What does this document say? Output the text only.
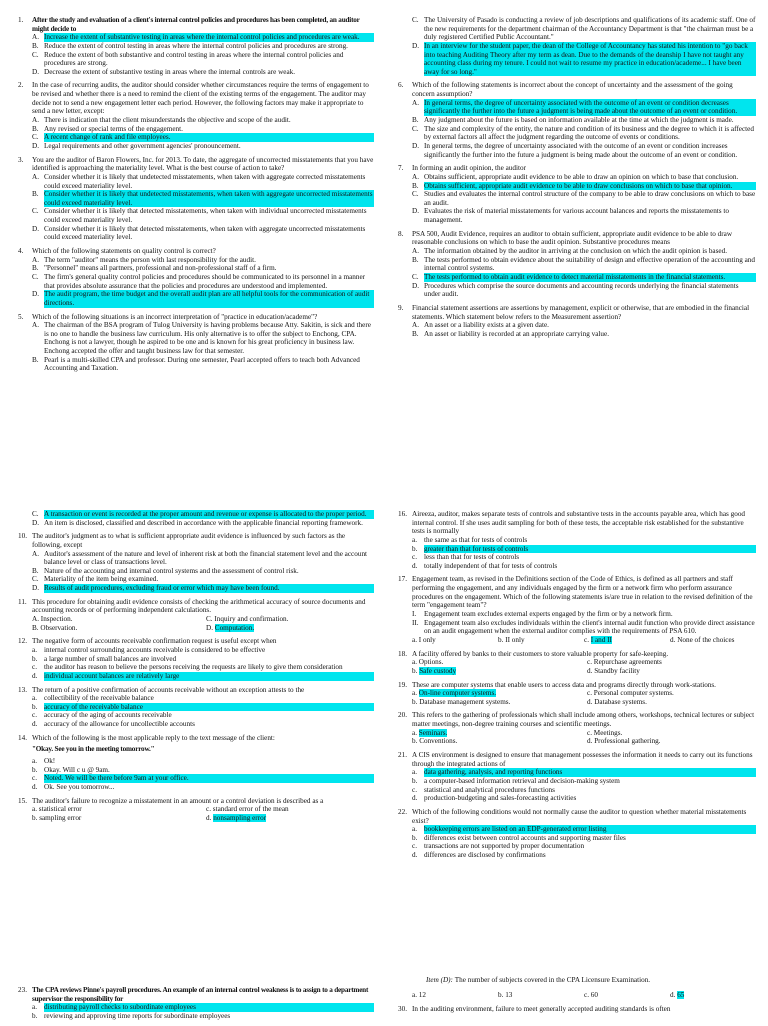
1.	After the study and evaluation of a client's internal control policies and procedures has been completed, an auditor might decide to
A. Increase the extent of substantive testing in areas where the internal control policies and procedures are weak.
B. Reduce the extent of control testing in areas where the internal control policies and procedures are strong.
C. Reduce the extent of both substantive and control testing in areas where the internal control policies and procedures are strong.
D. Decrease the extent of substantive testing in areas where the internal controls are weak.
2.	In the case of recurring audits, the auditor should consider whether circumstances require the terms of engagement to be revised and whether there is a need to remind the client of the existing terms of the engagement. The auditor may decide not to send a new engagement letter each period. However, the following factors may make it appropriate to send a new letter, except:
A. There is indication that the client misunderstands the objective and scope of the audit.
B. Any revised or special terms of the engagement.
C. A recent change of rank and file employees.
D. Legal requirements and other government agencies' pronouncement.
3.	You are the auditor of Baron Flowers, Inc. for 2013. To date, the aggregate of uncorrected misstatements that you have identified is approaching the materiality level. What is the best course of action to take?
A. Consider whether it is likely that undetected misstatements, when taken with aggregate corrected misstatements could exceed materiality level.
B. Consider whether it is likely that undetected misstatements, when taken with aggregate uncorrected misstatements could exceed materiality level.
C. Consider whether it is likely that detected misstatements, when taken with individual uncorrected misstatements could exceed materiality level.
D. Consider whether it is likely that detected misstatements, when taken with aggregate uncorrected misstatements could exceed materiality level.
4.	Which of the following statements on quality control is correct?
A. The term "auditor" means the person with last responsibility for the audit.
B. "Personnel" means all partners, professional and non-professional staff of a firm.
C. The firm's general quality control policies and procedures should be communicated to its personnel in a manner that provides absolute assurance that the policies and procedures are understood and implemented.
D. The audit program, the time budget and the overall audit plan are all helpful tools for the communication of audit directions.
5.	Which of the following situations is an incorrect interpretation of "practice in education/academe"?
A. The chairman of the BSA program of Tulog University is having problems because Atty. Sakitin, is sick and there is no one to handle the business law curriculum. His only alternative is to offer the subject to Enchong, CPA. Enchong is not a lawyer, though he aspired to be one and is known for his great proficiency in business law. Enchong accepted the offer and taught business law for that semester.
B. Pearl is a multi-skilled CPA and professor. During one semester, Pearl accepted offers to teach both Advanced Accounting and Taxation.
C. The University of Pasado is conducting a review of job descriptions and qualifications of its academic staff. One of the new requirements for the department chairman of the Accountancy Department is that "the chairman must be a duly registered Certified Public Accountant."
D. In an interview for the student paper, the dean of the College of Accountancy has stated his intention to "go back into teaching Auditing Theory after my term as dean. Due to the demands of the deanship I have not taught any accounting class during my tenure. I could not wait to resume my practice in education/academe... I have been away for so long."
6.	Which of the following statements is incorrect about the concept of uncertainty and the assessment of the going concern assumption?
A. In general terms, the degree of uncertainty associated with the outcome of an event or condition decreases significantly the further into the future a judgment is being made about the outcome of an event or condition.
B. Any judgment about the future is based on information available at the time at which the judgment is made.
C. The size and complexity of the entity, the nature and condition of its business and the degree to which it is affected by external factors all affect the judgment regarding the outcome of events or conditions.
D. In general terms, the degree of uncertainty associated with the outcome of an event or condition increases significantly the further into the future a judgment is being made about the outcome of an event or condition.
7.	In forming an audit opinion, the auditor
A. Obtains sufficient, appropriate audit evidence to be able to draw an opinion on which to base that conclusion.
B. Obtains sufficient, appropriate audit evidence to be able to draw conclusions on which to base that opinion.
C. Studies and evaluates the internal control structure of the company to be able to draw conclusions on which to base an audit.
D. Evaluates the risk of material misstatements for various account balances and reports the misstatements to management.
8.	PSA 500, Audit Evidence, requires an auditor to obtain sufficient, appropriate audit evidence to be able to draw reasonable conclusions on which to base the audit opinion. Substantive procedures means
A. The information obtained by the auditor in arriving at the conclusion on which the audit opinion is based.
B. The tests performed to obtain evidence about the suitability of design and effective operation of the accounting and internal control systems.
C. The tests performed to obtain audit evidence to detect material misstatements in the financial statements.
D. Procedures which comprise the source documents and accounting records underlying the financial statements under audit.
9.	Financial statement assertions are assertions by management, explicit or otherwise, that are embodied in the financial statements. Which statement below refers to the Measurement assertion?
A. An asset or a liability exists at a given date.
B. An asset or liability is recorded at an appropriate carrying value.
C. A transaction or event is recorded at the proper amount and revenue or expense is allocated to the proper period.
D. An item is disclosed, classified and described in accordance with the applicable financial reporting framework.
10. The auditor's judgment as to what is sufficient appropriate audit evidence is influenced by such factors as the following, except
A. Auditor's assessment of the nature and level of inherent risk at both the financial statement level and the account balance level or class of transactions level.
B. Nature of the accounting and internal control systems and the assessment of control risk.
C. Materiality of the item being examined.
D. Results of audit procedures, excluding fraud or error which may have been found.
11. This procedure for obtaining audit evidence consists of checking the arithmetical accuracy of source documents and accounting records or of performing independent calculations.
A. Inspection.	C. Inquiry and confirmation.
B. Observation.	D. Computation.
12. The negative form of accounts receivable confirmation request is useful except when
a. internal control surrounding accounts receivable is considered to be effective
b. a large number of small balances are involved
c. the auditor has reason to believe the persons receiving the requests are likely to give them consideration
d. individual account balances are relatively large
13. The return of a positive confirmation of accounts receivable without an exception attests to the
a. collectibility of the receivable balance
b. accuracy of the receivable balance
c. accuracy of the aging of accounts receivable
d. accuracy of the allowance for uncollectible accounts
14. Which of the following is the most applicable reply to the text message of the client:
"Okay. See you in the meeting tomorrow."
a. Ok!
b. Okay. Will c u @ 9am.
c. Noted. We will be there before 9am at your office.
d. Ok. See you tomorrow...
15. The auditor's failure to recognize a misstatement in an amount or a control deviation is described as a
a. statistical error	c. standard error of the mean
b. sampling error	d. nonsampling error
16. Aireeza, auditor, makes separate tests of controls and substantive tests in the accounts payable area, which has good internal control. If she uses audit sampling for both of these tests, the acceptable risk established for the substantive tests is normally
a. the same as that for tests of controls
b. greater than that for tests of controls
c. less than that for tests of controls
d. totally independent of that for tests of controls
17. Engagement team, as revised in the Definitions section of the Code of Ethics, is defined as all partners and staff performing the engagement, and any individuals engaged by the firm or a network firm who perform assurance procedures on the engagement. Which of the following statements is/are true in relation to the revised definition of the term "engagement team"?
I.	Engagement team excludes external experts engaged by the firm or by a network firm.
II. Engagement team also excludes individuals within the client's internal audit function who provide direct assistance on an audit engagement when the external auditor complies with the requirements of PSA 610.
a. I only	b. II only	c. I and II	d. None of the choices
18. A facility offered by banks to their customers to store valuable property for safe-keeping.
a. Options.	c. Repurchase agreements
b. Safe custody	d. Standby facility
19. These are computer systems that enable users to access data and programs directly through work-stations.
a. On-line computer systems.	c. Personal computer systems.
b. Database management systems.	d. Database systems.
20. This refers to the gathering of professionals which shall include among others, workshops, technical lectures or subject matter meetings, non-degree training courses and scientific meetings.
a. Seminars.	c. Meetings.
b. Conventions.	d. Professional gathering.
21. A CIS environment is designed to ensure that management possesses the information it needs to carry out its functions through the integrated actions of
a. data gathering, analysis, and reporting functions
b. a computer-based information retrieval and decision-making system
c. statistical and analytical procedures functions
d. production-budgeting and sales-forecasting activities
22. Which of the following conditions would not normally cause the auditor to question whether material misstatements exist?
a. bookkeeping errors are listed on an EDP-generated error listing
b. differences exist between control accounts and supporting master files
c. transactions are not supported by proper documentation
d. differences are disclosed by confirmations
23. The CPA reviews Pinne's payroll procedures. An example of an internal control weakness is to assign to a department supervisor the responsibility for
a. distributing payroll checks to subordinate employees
b. reviewing and approving time reports for subordinate employees
Item (D): The number of subjects covered in the CPA Licensure Examination.
a. 12	b. 13	c. 60	d. 65
30. In the auditing environment, failure to meet generally accepted auditing standards is often
